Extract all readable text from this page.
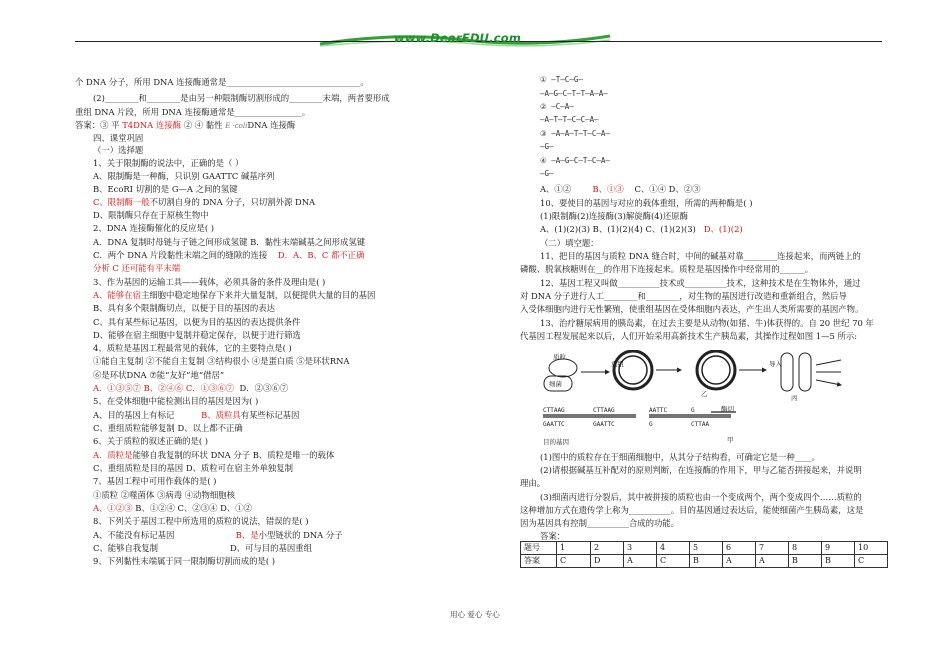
www.DearEDU.com
个 DNA 分子，所用 DNA 连接酶通常是________________________________。
(2)________和________是由另一种限制酶切割形成的________末端，两者要形成
重组 DNA 片段，所用 DNA 连接酶通常是________________。
答案：③ 平 T4DNA 连接酶 ② ④ 黏性 E ·coliDNA 连接酶
四、课堂巩固
（一）选择题
1、关于限制酶的说法中，正确的是（ ）
A、限制酶是一种酶，只识别 GAATTC 碱基序列
B、EcoRI 切割的是 G—A 之间的氢键
C、限制酶一般不切割自身的 DNA 分子，只切割外源 DNA
D、限制酶只存在于原核生物中
2、DNA 连接酶催化的反应是( )
A．DNA 复制时母链与子链之间形成氢键 B．黏性末端碱基之间形成氢键
C．两个 DNA 片段黏性末端之间的缝隙的连接 D．A、B、C 都不正确
分析 C 还可能有平末端
3、作为基因的运输工具——载体，必须具备的条件及理由是( )
A、能够在宿主细胞中稳定地保存下来并大量复制，以便提供大量的目的基因
B、具有多个限制酶切点，以便于目的基因的表达
C、具有某些标记基因，以便为目的基因的表达提供条件
D、能够在宿主细胞中复制并稳定保存，以便于进行筛选
4、质粒是基因工程最常见的载体，它的主要特点是( )
①能自主复制 ②不能自主复制 ③结构很小 ④是蛋白质 ⑤是环状RNA
⑥是环状DNA ⑦能“友好”地“借居”
A．①③⑤⑦ B、②④⑥ C．①③⑥⑦ D．②③⑥⑦
5、在受体细胞中能检测出目的基因是因为( )
A、目的基因上有标记	B、质粒具有某些标记基因
C、重组质粒能够复制 D、以上都不正确
6、关于质粒的叙述正确的是( )
A．质粒是能够自我复制的环状 DNA 分子 B、质粒是唯一的载体
C、重组质粒是目的基因 D、质粒可在宿主外单独复制
7、基因工程中可用作载体的是( )
①质粒 ②噬菌体 ③病毒 ④动物细胞核
A、①②③ B、①②④ C、②③④ D、①②
8、下列关于基因工程中所选用的质粒的说法，错误的是( )
A、不能没有标记基因	B、是小型链状的 DNA 分子
C、能够自我复制	D、可与目的基因重组
9、下列黏性末端属于同一限制酶切割而成的是( )
① —T—C—G—
—A—G—C—T—T—A—A—
② —C—A—
—A—T—T—C—C—A—
③ —A—A—T—T—C—A—
—G—
④ —A—G—C—T—C—A—
—G—
A、①②	B、①③ C、①④ D、②③
10、要使目的基因与对应的载体重组，所需的两种酶是( )
(1)限制酶(2)连接酶(3)解旋酶(4)还原酶
A、(1)(2)(3) B、(1)(2)(4) C、(1)(2)(3) D、(1)(2)
（二）填空题：
11、把目的基因与质粒 DNA 缝合时，中间的碱基对靠________连接起来，而两链上的
磷酸、脱氧核糖则在__的作用下连接起来。质粒是基因操作中经常用的______。
12、基因工程又叫做__________技术或__________技术，这种技术是在生物体外，通过
对 DNA 分子进行人工________和________，对生物的基因进行改造和重新组合，然后导
入受体细胞内进行无性繁殖，使重组基因在受体细胞内表达，产生出人类所需要的基因产物。
13、治疗糖尿病用的胰岛素，在过去主要是从动物(如猪、牛)体获得的。自 20 世纪 70 年
代基因工程发展起来以后，人们开始采用高新技术生产胰岛素，其操作过程如图 1—5 所示:
质粒
细菌
重组	导入
丙
乙
甲
目的基因
酶切
CTTAAG	CTTAAG	AATTC	G
GAATTC	GAATTC	G	CTTAA
(1)图中的质粒存在于细菌细胞中，从其分子结构看，可确定它是一种____。
(2)请根据碱基互补配对的原则判断，在连接酶的作用下，甲与乙能否拼接起来，并说明
理由。
(3)细菌丙进行分裂后，其中被拼接的质粒也由一个变成两个，两个变成四个……质粒的
这种增加方式在遗传学上称为__________。目的基因通过表达后，能使细菌产生胰岛素，这是
因为基因具有控制__________合成的功能。
答案：
题号	1	2	3	4	5	6	7	8	9	10
答案	C	D	A	C	B	A	A	B	B	C
用心 爱心 专心
